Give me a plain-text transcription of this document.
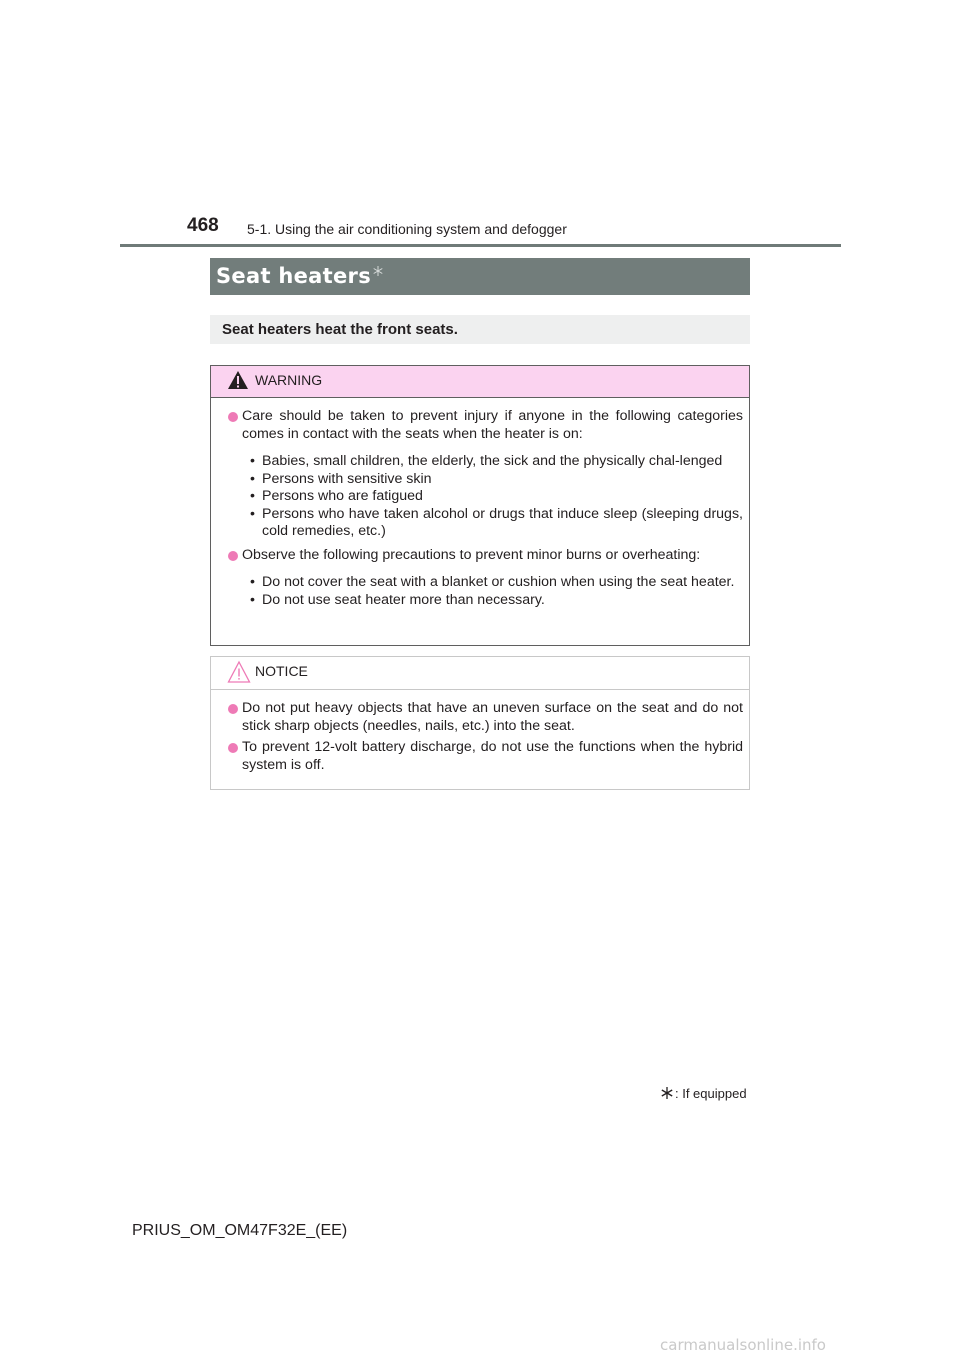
468 5-1. Using the air conditioning system and defogger
Seat heaters
Seat heaters heat the front seats.
WARNING
Care should be taken to prevent injury if anyone in the following categories comes in contact with the seats when the heater is on:
• Babies, small children, the elderly, the sick and the physically chal-lenged
• Persons with sensitive skin
• Persons who are fatigued
• Persons who have taken alcohol or drugs that induce sleep (sleeping drugs, cold remedies, etc.)
Observe the following precautions to prevent minor burns or overheating:
• Do not cover the seat with a blanket or cushion when using the seat heater.
• Do not use seat heater more than necessary.
NOTICE
Do not put heavy objects that have an uneven surface on the seat and do not stick sharp objects (needles, nails, etc.) into the seat.
To prevent 12-volt battery discharge, do not use the functions when the hybrid system is off.
: If equipped
PRIUS_OM_OM47F32E_(EE)
carmanualsonline.info
